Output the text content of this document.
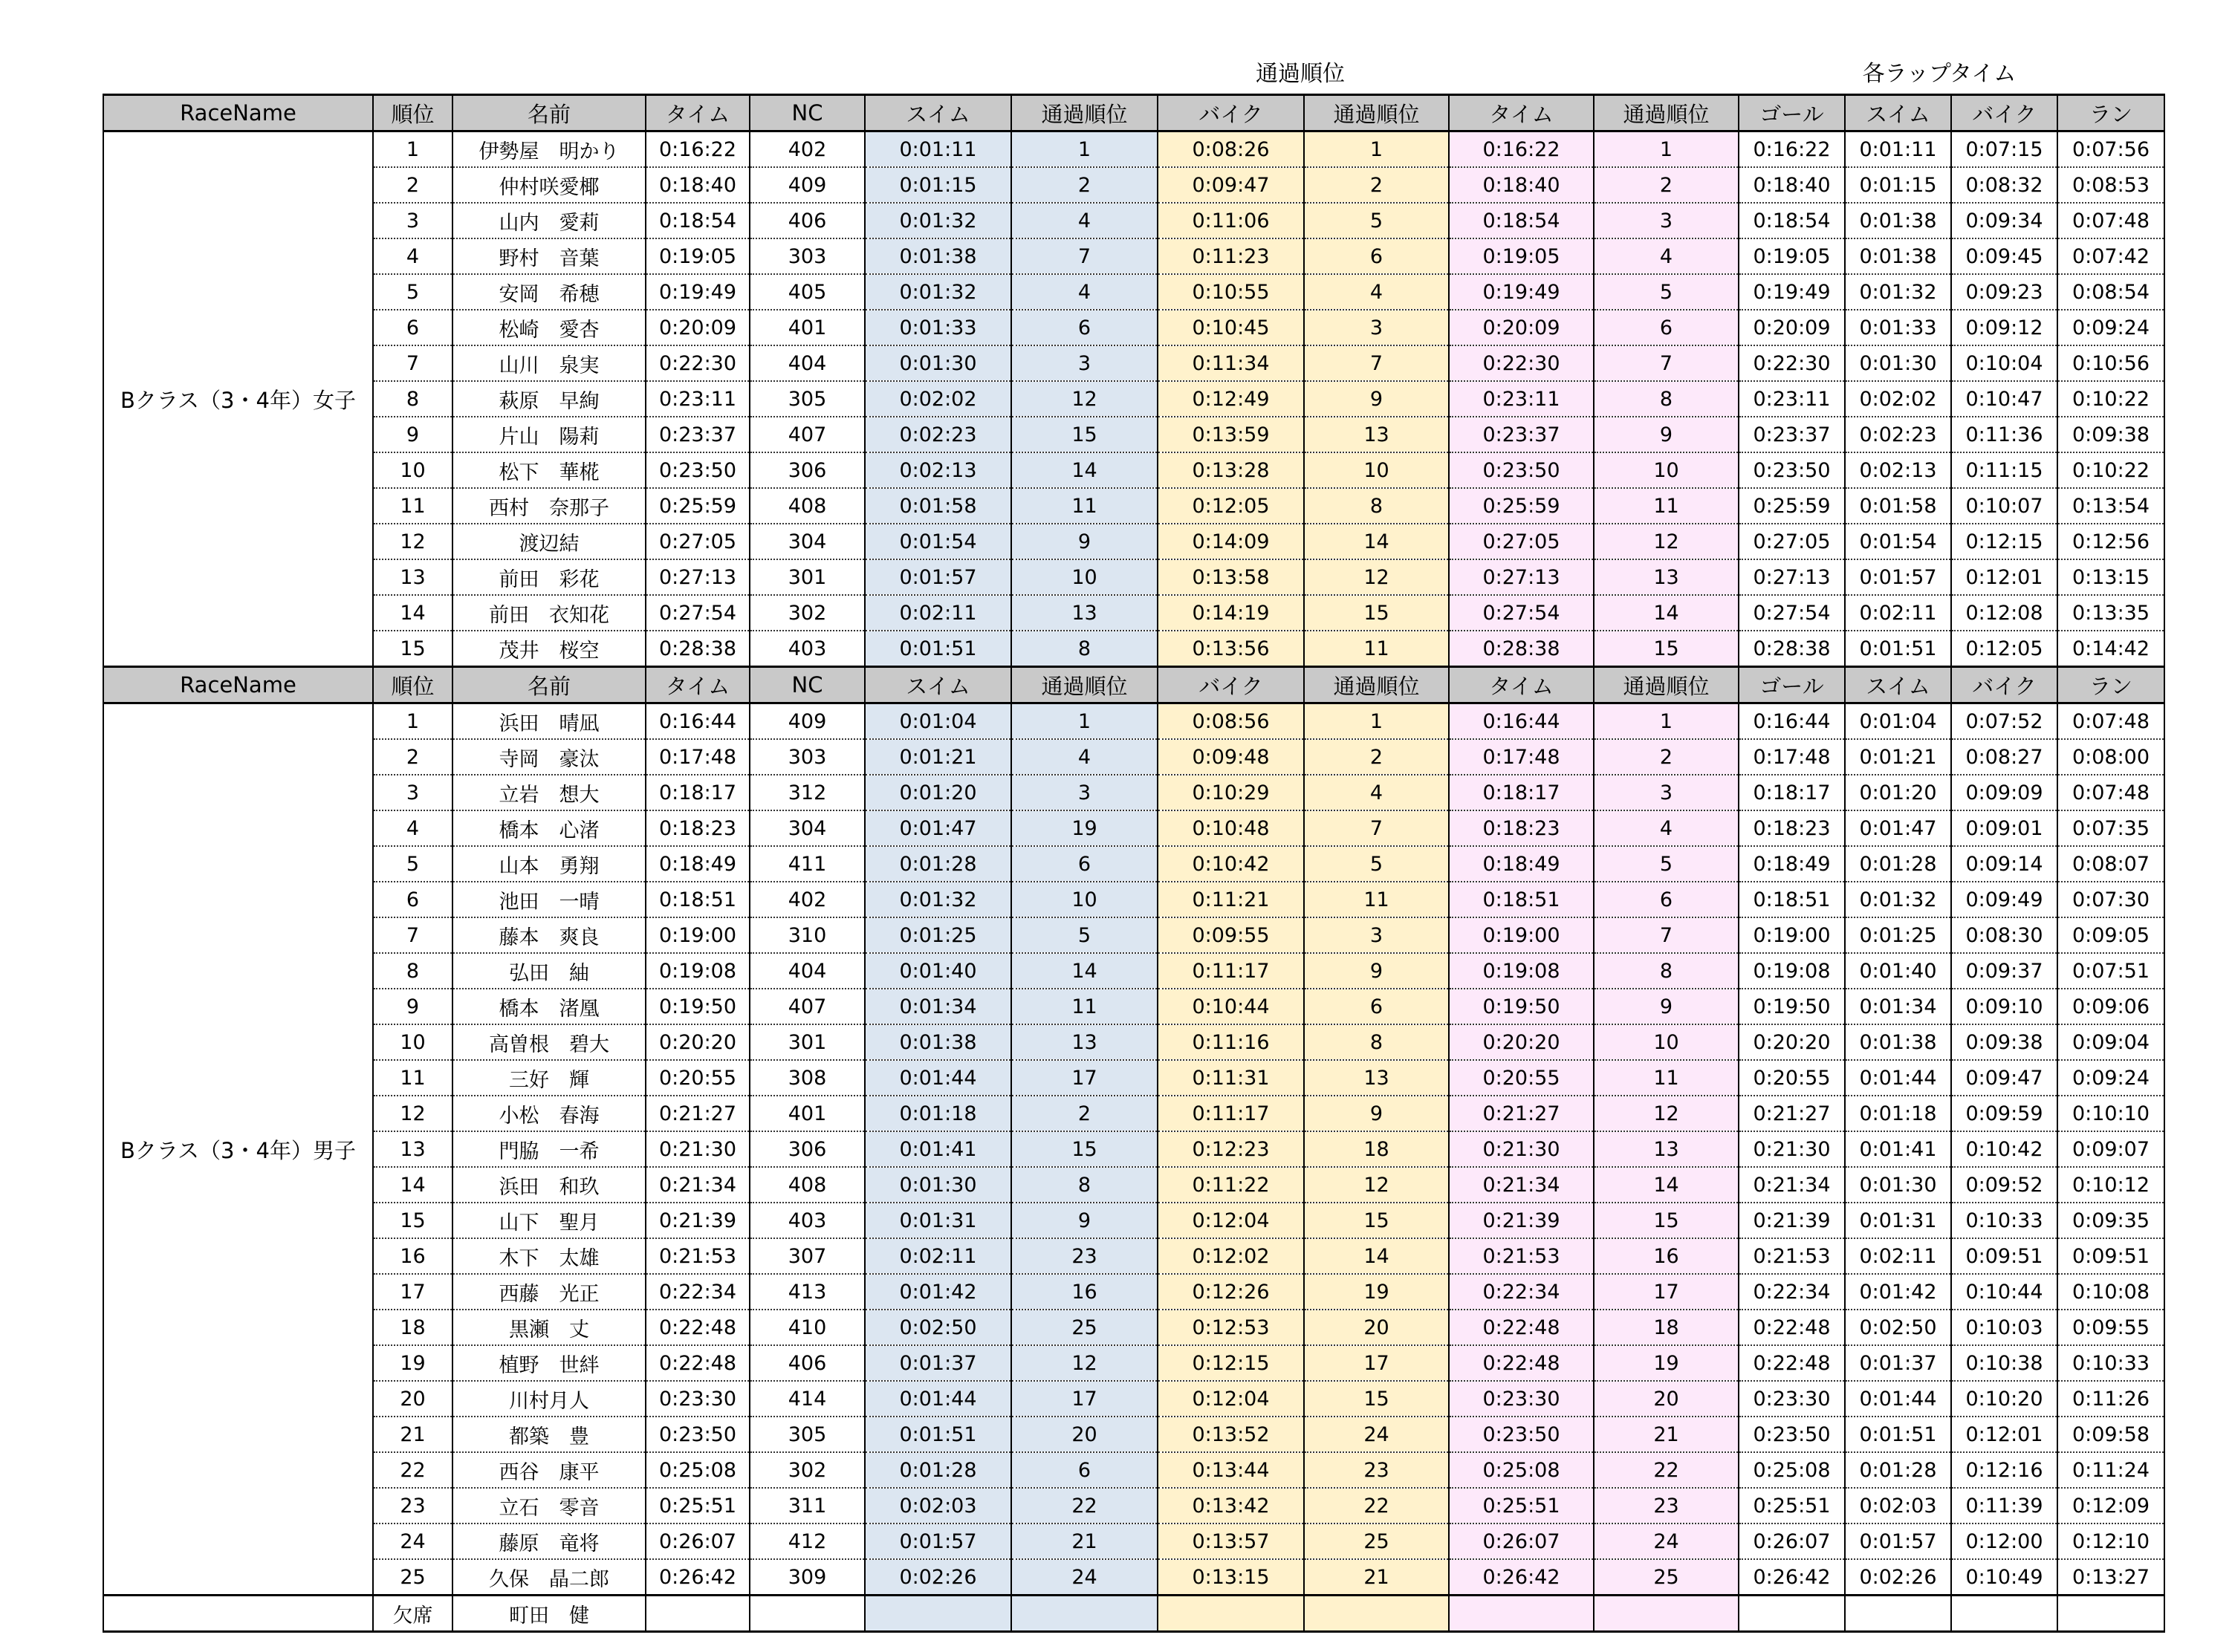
通過順位	各ラップタイム
RaceName	順位	名前	タイム	NC	スイム	通過順位	バイク	通過順位	タイム	通過順位	ゴール	スイム	バイク	ラン
Bクラス（3・4年）女子	1	伊勢屋　明かり	0:16:22	402	0:01:11	1	0:08:26	1	0:16:22	1	0:16:22	0:01:11	0:07:15	0:07:56
	2	仲村咲愛椰	0:18:40	409	0:01:15	2	0:09:47	2	0:18:40	2	0:18:40	0:01:15	0:08:32	0:08:53
	3	山内　愛莉	0:18:54	406	0:01:32	4	0:11:06	5	0:18:54	3	0:18:54	0:01:38	0:09:34	0:07:48
	4	野村　音葉	0:19:05	303	0:01:38	7	0:11:23	6	0:19:05	4	0:19:05	0:01:38	0:09:45	0:07:42
	5	安岡　希穂	0:19:49	405	0:01:32	4	0:10:55	4	0:19:49	5	0:19:49	0:01:32	0:09:23	0:08:54
	6	松崎　愛杏	0:20:09	401	0:01:33	6	0:10:45	3	0:20:09	6	0:20:09	0:01:33	0:09:12	0:09:24
	7	山川　泉実	0:22:30	404	0:01:30	3	0:11:34	7	0:22:30	7	0:22:30	0:01:30	0:10:04	0:10:56
	8	萩原　早絢	0:23:11	305	0:02:02	12	0:12:49	9	0:23:11	8	0:23:11	0:02:02	0:10:47	0:10:22
	9	片山　陽莉	0:23:37	407	0:02:23	15	0:13:59	13	0:23:37	9	0:23:37	0:02:23	0:11:36	0:09:38
	10	松下　華椛	0:23:50	306	0:02:13	14	0:13:28	10	0:23:50	10	0:23:50	0:02:13	0:11:15	0:10:22
	11	西村　奈那子	0:25:59	408	0:01:58	11	0:12:05	8	0:25:59	11	0:25:59	0:01:58	0:10:07	0:13:54
	12	渡辺結	0:27:05	304	0:01:54	9	0:14:09	14	0:27:05	12	0:27:05	0:01:54	0:12:15	0:12:56
	13	前田　彩花	0:27:13	301	0:01:57	10	0:13:58	12	0:27:13	13	0:27:13	0:01:57	0:12:01	0:13:15
	14	前田　衣知花	0:27:54	302	0:02:11	13	0:14:19	15	0:27:54	14	0:27:54	0:02:11	0:12:08	0:13:35
	15	茂井　桜空	0:28:38	403	0:01:51	8	0:13:56	11	0:28:38	15	0:28:38	0:01:51	0:12:05	0:14:42
RaceName	順位	名前	タイム	NC	スイム	通過順位	バイク	通過順位	タイム	通過順位	ゴール	スイム	バイク	ラン
Bクラス（3・4年）男子	1	浜田　晴凪	0:16:44	409	0:01:04	1	0:08:56	1	0:16:44	1	0:16:44	0:01:04	0:07:52	0:07:48
	2	寺岡　豪汰	0:17:48	303	0:01:21	4	0:09:48	2	0:17:48	2	0:17:48	0:01:21	0:08:27	0:08:00
	3	立岩　想大	0:18:17	312	0:01:20	3	0:10:29	4	0:18:17	3	0:18:17	0:01:20	0:09:09	0:07:48
	4	橋本　心渚	0:18:23	304	0:01:47	19	0:10:48	7	0:18:23	4	0:18:23	0:01:47	0:09:01	0:07:35
	5	山本　勇翔	0:18:49	411	0:01:28	6	0:10:42	5	0:18:49	5	0:18:49	0:01:28	0:09:14	0:08:07
	6	池田　一晴	0:18:51	402	0:01:32	10	0:11:21	11	0:18:51	6	0:18:51	0:01:32	0:09:49	0:07:30
	7	藤本　爽良	0:19:00	310	0:01:25	5	0:09:55	3	0:19:00	7	0:19:00	0:01:25	0:08:30	0:09:05
	8	弘田　紬	0:19:08	404	0:01:40	14	0:11:17	9	0:19:08	8	0:19:08	0:01:40	0:09:37	0:07:51
	9	橋本　渚凰	0:19:50	407	0:01:34	11	0:10:44	6	0:19:50	9	0:19:50	0:01:34	0:09:10	0:09:06
	10	高曽根　碧大	0:20:20	301	0:01:38	13	0:11:16	8	0:20:20	10	0:20:20	0:01:38	0:09:38	0:09:04
	11	三好　輝	0:20:55	308	0:01:44	17	0:11:31	13	0:20:55	11	0:20:55	0:01:44	0:09:47	0:09:24
	12	小松　春海	0:21:27	401	0:01:18	2	0:11:17	9	0:21:27	12	0:21:27	0:01:18	0:09:59	0:10:10
	13	門脇　一希	0:21:30	306	0:01:41	15	0:12:23	18	0:21:30	13	0:21:30	0:01:41	0:10:42	0:09:07
	14	浜田　和玖	0:21:34	408	0:01:30	8	0:11:22	12	0:21:34	14	0:21:34	0:01:30	0:09:52	0:10:12
	15	山下　聖月	0:21:39	403	0:01:31	9	0:12:04	15	0:21:39	15	0:21:39	0:01:31	0:10:33	0:09:35
	16	木下　太雄	0:21:53	307	0:02:11	23	0:12:02	14	0:21:53	16	0:21:53	0:02:11	0:09:51	0:09:51
	17	西藤　光正	0:22:34	413	0:01:42	16	0:12:26	19	0:22:34	17	0:22:34	0:01:42	0:10:44	0:10:08
	18	黒瀬　丈	0:22:48	410	0:02:50	25	0:12:53	20	0:22:48	18	0:22:48	0:02:50	0:10:03	0:09:55
	19	植野　世絆	0:22:48	406	0:01:37	12	0:12:15	17	0:22:48	19	0:22:48	0:01:37	0:10:38	0:10:33
	20	川村月人	0:23:30	414	0:01:44	17	0:12:04	15	0:23:30	20	0:23:30	0:01:44	0:10:20	0:11:26
	21	都築　豊	0:23:50	305	0:01:51	20	0:13:52	24	0:23:50	21	0:23:50	0:01:51	0:12:01	0:09:58
	22	西谷　康平	0:25:08	302	0:01:28	6	0:13:44	23	0:25:08	22	0:25:08	0:01:28	0:12:16	0:11:24
	23	立石　零音	0:25:51	311	0:02:03	22	0:13:42	22	0:25:51	23	0:25:51	0:02:03	0:11:39	0:12:09
	24	藤原　竜将	0:26:07	412	0:01:57	21	0:13:57	25	0:26:07	24	0:26:07	0:01:57	0:12:00	0:12:10
	25	久保　晶二郎	0:26:42	309	0:02:26	24	0:13:15	21	0:26:42	25	0:26:42	0:02:26	0:10:49	0:13:27
	欠席	町田　健												
